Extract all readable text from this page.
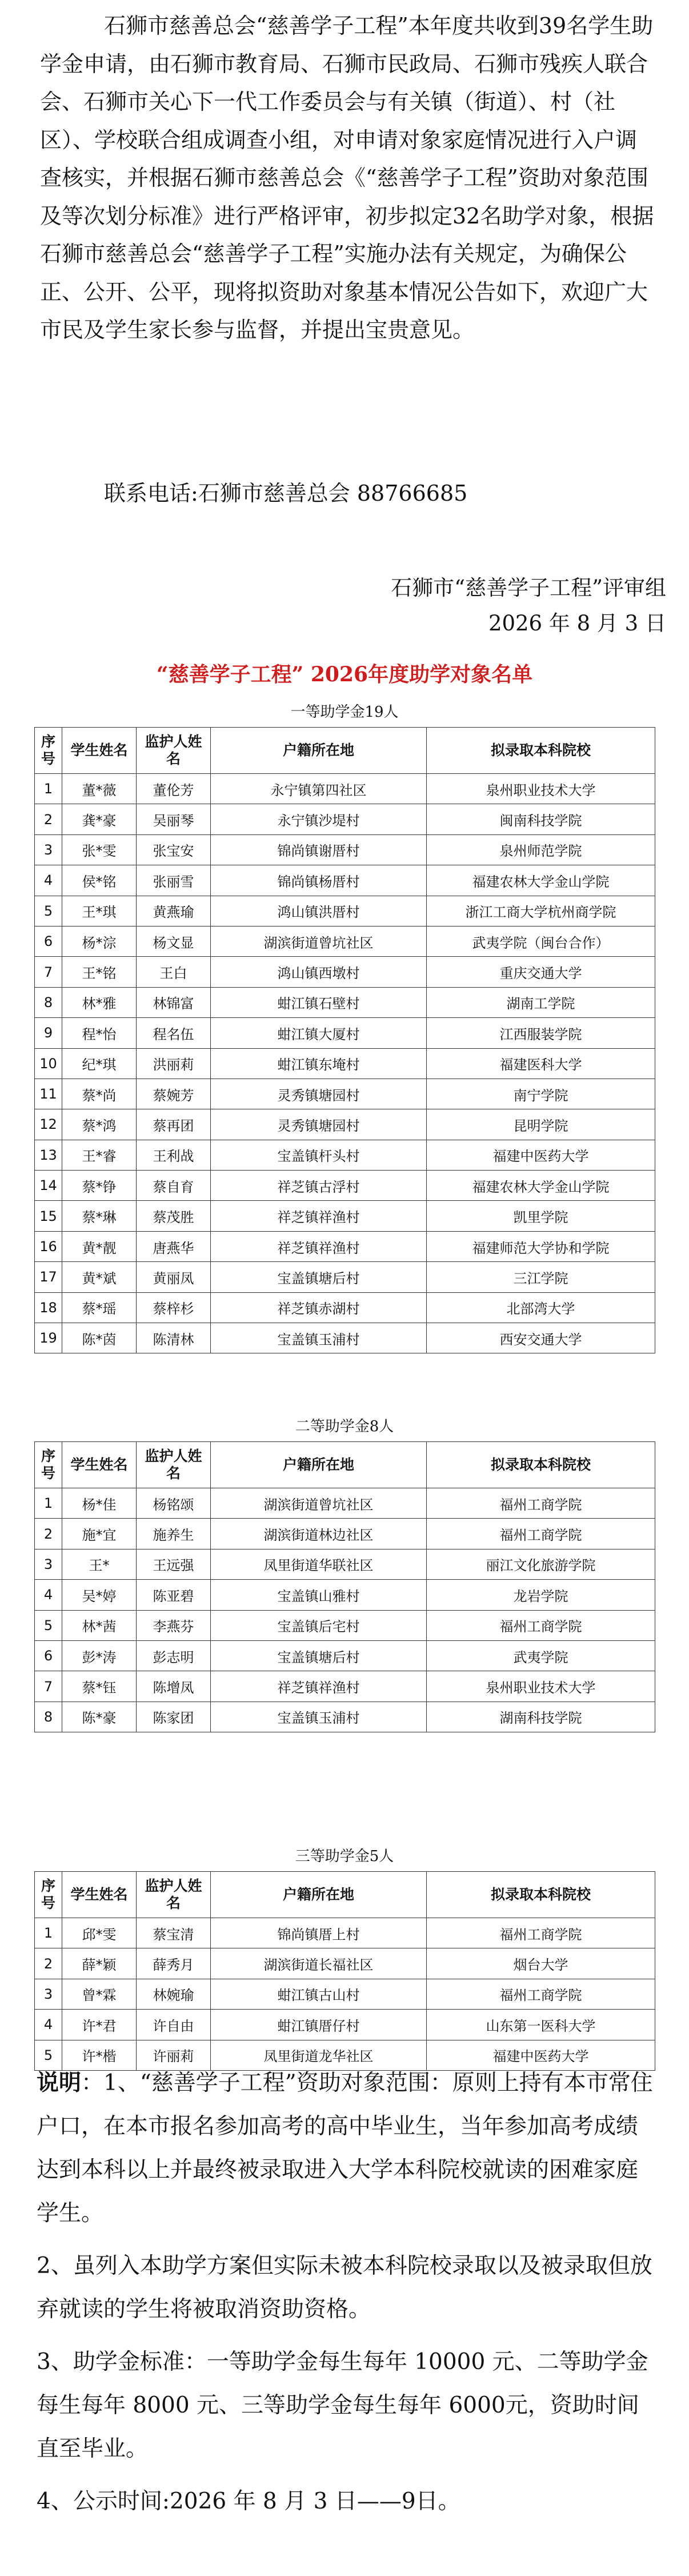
石狮市慈善总会“慈善学子工程”本年度共收到39名学生助学金申请，由石狮市教育局、石狮市民政局、石狮市残疾人联合会、石狮市关心下一代工作委员会与有关镇（街道）、村（社区）、学校联合组成调查小组，对申请对象家庭情况进行入户调查核实，并根据石狮市慈善总会《“慈善学子工程”资助对象范围及等次划分标准》进行严格评审，初步拟定32名助学对象，根据石狮市慈善总会“慈善学子工程”实施办法有关规定，为确保公正、公开、公平，现将拟资助对象基本情况公告如下，欢迎广大市民及学生家长参与监督，并提出宝贵意见。

联系电话:石狮市慈善总会 88766685

石狮市“慈善学子工程”评审组
2026 年 8 月 3 日
“慈善学子工程” 2026年度助学对象名单
一等助学金19人
序号	学生姓名	监护人姓名	户籍所在地	拟录取本科院校
1	董*薇	董伦芳	永宁镇第四社区	泉州职业技术大学
2	龚*豪	吴丽琴	永宁镇沙堤村	闽南科技学院
3	张*雯	张宝安	锦尚镇谢厝村	泉州师范学院
4	侯*铭	张丽雪	锦尚镇杨厝村	福建农林大学金山学院
5	王*琪	黄燕瑜	鸿山镇洪厝村	浙江工商大学杭州商学院
6	杨*淙	杨文显	湖滨街道曾坑社区	武夷学院（闽台合作）
7	王*铭	王白	鸿山镇西墩村	重庆交通大学
8	林*雅	林锦富	蚶江镇石壁村	湖南工学院
9	程*怡	程名伍	蚶江镇大厦村	江西服装学院
10	纪*琪	洪丽莉	蚶江镇东埯村	福建医科大学
11	蔡*尚	蔡婉芳	灵秀镇塘园村	南宁学院
12	蔡*鸿	蔡再团	灵秀镇塘园村	昆明学院
13	王*睿	王利战	宝盖镇杆头村	福建中医药大学
14	蔡*铮	蔡自育	祥芝镇古浮村	福建农林大学金山学院
15	蔡*琳	蔡茂胜	祥芝镇祥渔村	凯里学院
16	黄*靓	唐燕华	祥芝镇祥渔村	福建师范大学协和学院
17	黄*斌	黄丽凤	宝盖镇塘后村	三江学院
18	蔡*瑶	蔡梓杉	祥芝镇赤湖村	北部湾大学
19	陈*茵	陈清林	宝盖镇玉浦村	西安交通大学
二等助学金8人
序号	学生姓名	监护人姓名	户籍所在地	拟录取本科院校
1	杨*佳	杨铭颂	湖滨街道曾坑社区	福州工商学院
2	施*宜	施养生	湖滨街道林边社区	福州工商学院
3	王*	王远强	凤里街道华联社区	丽江文化旅游学院
4	吴*婷	陈亚碧	宝盖镇山雅村	龙岩学院
5	林*茜	李燕芬	宝盖镇后宅村	福州工商学院
6	彭*涛	彭志明	宝盖镇塘后村	武夷学院
7	蔡*钰	陈增凤	祥芝镇祥渔村	泉州职业技术大学
8	陈*豪	陈家团	宝盖镇玉浦村	湖南科技学院
三等助学金5人
序号	学生姓名	监护人姓名	户籍所在地	拟录取本科院校
1	邱*雯	蔡宝清	锦尚镇厝上村	福州工商学院
2	薛*颖	薛秀月	湖滨街道长福社区	烟台大学
3	曾*霖	林婉瑜	蚶江镇古山村	福州工商学院
4	许*君	许自由	蚶江镇厝仔村	山东第一医科大学
5	许*楷	许丽莉	凤里街道龙华社区	福建中医药大学

说明：1、“慈善学子工程”资助对象范围：原则上持有本市常住户口，在本市报名参加高考的高中毕业生，当年参加高考成绩达到本科以上并最终被录取进入大学本科院校就读的困难家庭学生。

2、虽列入本助学方案但实际未被本科院校录取以及被录取但放弃就读的学生将被取消资助资格。

3、助学金标准：一等助学金每生每年 10000 元、二等助学金每生每年 8000 元、三等助学金每生每年 6000元，资助时间直至毕业。

4、公示时间:2026 年 8 月 3 日——9日。
